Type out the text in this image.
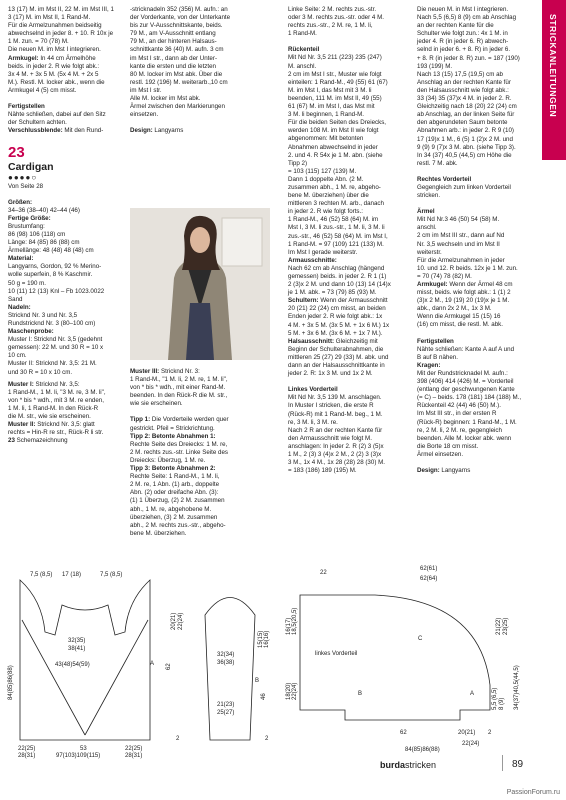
STRICKANLEITUNGEN

13 (17) M. im Mst II, 22 M. im Mst III, 1
3 (17) M. im Mst II, 1 Rand-M.
Für die Armelzunahmen beidseitig
abwechselnd in jeder 8. + 10. R 10x je
1 M. zun. = 70 (78) M.
Die neuen M. im Mst I integrieren.

Armkugel: In 44 cm Ärmelhöhe
beids. in jeder 2. R wie folgt abk.:
3x 4 M. + 3x 5 M. (5x 4 M. + 2x 5
M.). Restl. M. locker abk., wenn die
Armkugel 4 (5) cm misst.

Fertigstellen

Nähte schließen, dabei auf den Sitz
der Schultern achten.

Verschlussblende: Mit den Rund-

23
Cardigan
●●●●○

Von Seite 28

Größen:
34–36 (38–40) 42–44 (46)

Fertige Größe:
Brustumfang:
86 (98) 106 (118) cm
Länge: 84 (85) 86 (88) cm
Ärmellänge: 48 (48) 48 (48) cm

Material:
Langyarns, Gordon, 92 % Merino-
wolle superfein, 8 % Kaschmir.
50 g = 190 m.
10 (11) 12 (13) Knl – Fb 1023.0022
Sand

Nadeln:
Stricknd Nr. 3 und Nr. 3,5
Rundstricknd Nr. 3 (80–100 cm)

Maschenprobe:
Muster I: Stricknd Nr. 3,5 (gedehnt
gemessen): 22 M. und 30 R = 10 x
10 cm.
Muster II: Stricknd Nr. 3,5: 21 M.
und 30 R = 10 x 10 cm.

Muster I: Stricknd Nr. 3,5:
1 Rand-M., 1 M. li, "3 M. re, 3 M. li",
von * bis * wdh., mit 3 M. re enden,
1 M. li, 1 Rand-M. In den Rück-R
die M. str., wie sie erscheinen.

Muster II: Stricknd Nr. 3,5: glatt
rechts = Hin-R re str., Rück-R li str.

23 Schemazeichnung

-stricknadeln 352 (356) M. aufn.: an
der Vorderkante, von der Unterkante
bis zur V-Ausschnittskante, beids.
79 M., am V-Ausschnitt entlang
79 M., an der hinteren Halsaus-
schnittkante 36 (40) M. aufn. 3 cm
im Mst I str., dann ab der Unter-
kante die ersten und die letzten
80 M. locker im Mst abk. Über die
restl. 192 (196) M. weiterarb.,10 cm
im Mst I str.
Alle M. locker im Mst abk.
Ärmel zwischen den Markierungen
einsetzen.

Design: Langyarns

Muster III: Stricknd Nr. 3:
1 Rand-M., "1 M. li, 2 M. re, 1 M. li",
von * bis * wdh., mit einer Rand-M.
beenden. In den Rück-R die M. str.,
wie sie erscheinen.

Tipp 1: Die Vorderteile werden quer
gestrickt. Pfeil = Strickrichtung.

Tipp 2: Betonte Abnahmen 1:
Rechte Seite des Dreiecks: 1 M. re,
2 M. rechts zus.-str. Linke Seite des
Dreiecks: Überzug, 1 M. re.

Tipp 3: Betonte Abnahmen 2:
Rechte Seite: 1 Rand-M., 1 M. li,
2 M. re, 1 Abn. (1) arb., doppelte
Abn. (2) oder dreifache Abn. (3):
(1) 1 Überzug, (2) 2 M. zusammen
abh., 1 M. re, abgehobene M.
überziehen, (3) 2 M. zusammen
abh., 2 M. rechts zus.-str., abgeho-
bene M. überziehen.

Linke Seite: 2 M. rechts zus.-str.
oder 3 M. rechts zus.-str. oder 4 M.
rechts zus.-str., 2 M. re, 1 M. li,
1 Rand-M.

Rückenteil

Mit Nd Nr. 3,5 211 (223) 235 (247)
M. anschl.
2 cm im Mst I str., Muster wie folgt
einteilen: 1 Rand-M., 49 (55) 61 (67)
M. im Mst I, das Mst mit 3 M. li
beenden, 111 M. im Mst II, 49 (55)
61 (67) M. im Mst I, das Mst mit
3 M. li beginnen, 1 Rand-M.
Für die beiden Seiten des Dreiecks,
werden 108 M. im Mst II wie folgt
abgenommen: Mit betonten
Abnahmen abwechselnd in jeder
2. und 4. R 54x je 1 M. abn. (siehe
Tipp 2)
= 103 (115) 127 (139) M.
Dann 1 doppelte Abn. (2 M.
zusammen abh., 1 M. re, abgeho-
bene M. überziehen) über die
mittleren 3 rechten M. arb., danach
in jeder 2. R wie folgt forts.:
1 Rand-M., 46 (52) 58 (64) M. im
Mst I, 3 M. li zus.-str., 1 M. li, 3 M. li
zus.-str., 46 (52) 58 (64) M. im Mst I,
1 Rand-M. = 97 (109) 121 (133) M.
Im Mst I gerade weiterstr.

Armausschnitte:
Nach 62 cm ab Anschlag (hängend
gemessen) beids. in jeder 2. R 1 (1)
2 (3)x 2 M. und dann 10 (13) 14 (14)x
je 1 M. abk. = 73 (79) 85 (93) M.

Schultern: Wenn der Armausschnitt
20 (21) 22 (24) cm misst, an beiden
Enden jeder 2. R wie folgt abk.: 1x
4 M. + 3x 5 M. (3x 5 M. + 1x 6 M.) 1x
5 M. + 3x 6 M. (3x 6 M. + 1x 7 M.).

Halsausschnitt: Gleichzeitig mit
Beginn der Schulterabnahmen, die
mittleren 25 (27) 29 (33) M. abk. und
dann an der Halsausschnittkante in
jeder 2. R: 1x 3 M. und 1x 2 M.

Linkes Vorderteil

Mit Nd Nr. 3,5 139 M. anschlagen.
In Muster I stricken, die erste R
(Rück-R) mit 1 Rand-M. beg., 1 M.
re, 3 M. li, 3 M. re.
Nach 2 R an der rechten Kante für
den Armausschnitt wie folgt M.
anschlagen: In jeder 2. R (2) 3 (5)x
1 M., 2 (3) 3 (4)x 2 M., 2 (2) 3 (3)x
3 M., 1x 4 M., 1x 28 (28) 28 (30) M.
= 183 (186) 189 (195) M.

Die neuen M. in Mst I integrieren.
Nach 5,5 (6,5) 8 (9) cm ab Anschlag
an der rechten Kante für die
Schulter wie folgt zun.: 4x 1 M. in
jeder 4. R (in jeder 6. R) abwech-
selnd in jeder 6. + 8. R) in jeder 6.
+ 8. R (in jeder 8. R) zun. = 187 (190)
193 (199) M.
Nach 13 (15) 17,5 (19,5) cm ab
Anschlag an der rechten Kante für
den Halsausschnitt wie folgt abk.:
33 (34) 35 (37)x 4 M. in jeder 2. R.
Gleichzeitig nach 18 (20) 22 (24) cm
ab Anschlag, an der linken Seite für
den abgerundeten Saum betonte
Abnahmen arb.: in jeder 2. R 9 (10)
17 (19)x 1 M., 6 (5) 1 (2)x 2 M. und
9 (9) 9 (7)x 3 M. abn. (siehe Tipp 3).
In 34 (37) 40,5 (44,5) cm Höhe die
restl. 7 M. abk.

Rechtes Vorderteil

Gegengleich zum linken Vorderteil
stricken.

Ärmel

Mit Nd Nr.3 46 (50) 54 (58) M.
anschl.
2 cm im Mst III str., dann auf Nd
Nr. 3,5 wechseln und im Mst II
weiterstr.
Für die Armelzunahmen in jeder
10. und 12. R beids. 12x je 1 M. zun.
= 70 (74) 78 (82) M.

Armkugel: Wenn der Ärmel 48 cm
misst, beids. wie folgt abk.: 1 (1) 2
(3)x 2 M., 19 (19) 20 (19)x je 1 M.
abk., dann 2x 2 M., 1x 3 M.
Wenn die Armkugel 15 (15) 16
(16) cm misst, die restl. M. abk.

Fertigstellen

Nähte schließen: Kante A auf A und
B auf B nähen.

Kragen:
Mit der Rundstricknadel M. aufn.:
398 (406) 414 (426) M. = Vorderteil
(entlang der geschwungenen Kante
(= C) – beids. 178 (181) 184 (188) M.,
Rückenteil 42 (44) 46 (50) M.).
Im Mst III str., in der ersten R
(Rück-R) beginnen: 1 Rand-M., 1 M.
re, 2 M. li, 2 M. re, gegengleich
beenden. Alle M. locker abk. wenn
die Borte 18 cm misst.
Ärmel einsetzen.

Design: Langyarns

A
17 (18)
7,5 (8,5)	7,5 (8,5)
32(35)
38(41)
43(48)54(59)
84(85)86(88)	62
20(21) 22(24)
2
22(25)
28(31)
53	22(25)
28(31)
97(103)109(115)
B
32(34)
36(38)
21(23)
25(27)
15(15) 16(16)
46
2
linkes Vorderteil
C
A
B
22
62(61)
62(64)
16(17) 18,5(20,5)
18(20) 22(24)
21(22) 23(25)
5,5 (6,5) 8 (9) 34(37)40,5(44,5)
62	20(21) 2
84(85)86(88)
22(24)
burdastricken	89
PassionForum.ru
